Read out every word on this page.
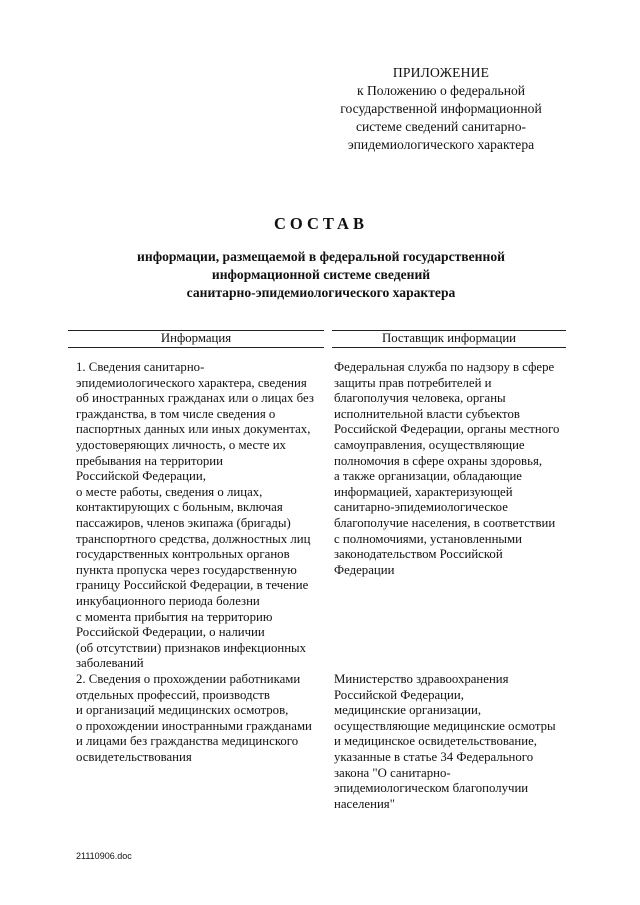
ПРИЛОЖЕНИЕ
к Положению о федеральной
государственной информационной
системе сведений санитарно-
эпидемиологического характера
СОСТАВ
информации, размещаемой в федеральной государственной
информационной системе сведений
санитарно-эпидемиологического характера
Информация	Поставщик информации
1. Сведения санитарно-
эпидемиологического характера, сведения
об иностранных гражданах или о лицах без
гражданства, в том числе сведения о
паспортных данных или иных документах,
удостоверяющих личность, о месте их
пребывания на территории
Российской Федерации,
о месте работы, сведения о лицах,
контактирующих с больным, включая
пассажиров, членов экипажа (бригады)
транспортного средства, должностных лиц
государственных контрольных органов
пункта пропуска через государственную
границу Российской Федерации, в течение
инкубационного периода болезни
с момента прибытия на территорию
Российской Федерации, о наличии
(об отсутствии) признаков инфекционных
заболеваний
Федеральная служба по надзору в сфере
защиты прав потребителей и
благополучия человека, органы
исполнительной власти субъектов
Российской Федерации, органы местного
самоуправления, осуществляющие
полномочия в сфере охраны здоровья,
а также организации, обладающие
информацией, характеризующей
санитарно-эпидемиологическое
благополучие населения, в соответствии
с полномочиями, установленными
законодательством Российской
Федерации
2. Сведения о прохождении работниками
отдельных профессий, производств
и организаций медицинских осмотров,
о прохождении иностранными гражданами
и лицами без гражданства медицинского
освидетельствования
Министерство здравоохранения
Российской Федерации,
медицинские организации,
осуществляющие медицинские осмотры
и медицинское освидетельствование,
указанные в статье 34 Федерального
закона "О санитарно-
эпидемиологическом благополучии
населения"
21110906.doc
